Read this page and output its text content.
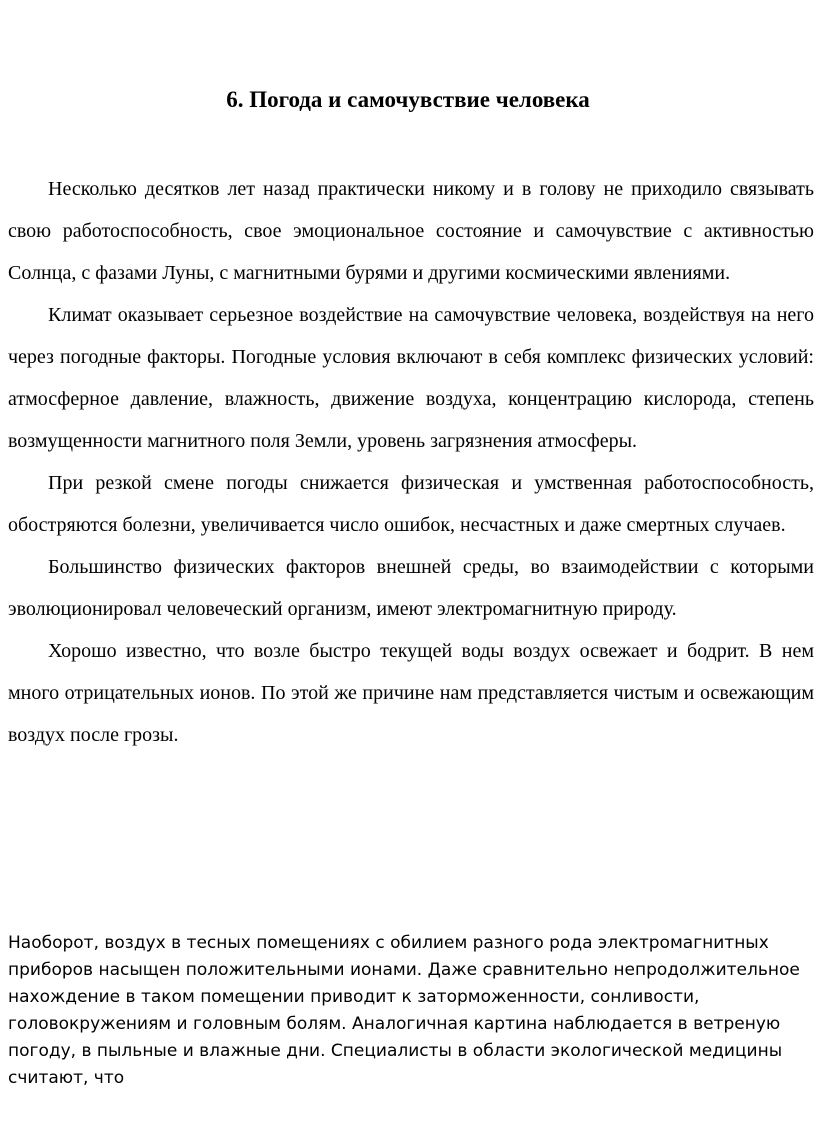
6. Погода и самочувствие человека

Несколько десятков лет назад практически никому и в голову не приходило связывать свою работоспособность, свое эмоциональное состояние и самочувствие с активностью Солнца, с фазами Луны, с магнитными бурями и другими космическими явлениями.

Климат оказывает серьезное воздействие на самочувствие человека, воздействуя на него через погодные факторы. Погодные условия включают в себя комплекс физических условий: атмосферное давление, влажность, движение воздуха, концентрацию кислорода, степень возмущенности магнитного поля Земли, уровень загрязнения атмосферы.

При резкой смене погоды снижается физическая и умственная работоспособность, обостряются болезни, увеличивается число ошибок, несчастных и даже смертных случаев.

Большинство физических факторов внешней среды, во взаимодействии с которыми эволюционировал человеческий организм, имеют электромагнитную природу.

Хорошо известно, что возле быстро текущей воды воздух освежает и бодрит. В нем много отрицательных ионов. По этой же причине нам представляется чистым и освежающим воздух после грозы.

Наоборот, воздух в тесных помещениях с обилием разного рода электромагнитных приборов насыщен положительными ионами. Даже сравнительно непродолжительное нахождение в таком помещении приводит к заторможенности, сонливости, головокружениям и головным болям. Аналогичная картина наблюдается в ветреную погоду, в пыльные и влажные дни. Специалисты в области экологической медицины считают, что
